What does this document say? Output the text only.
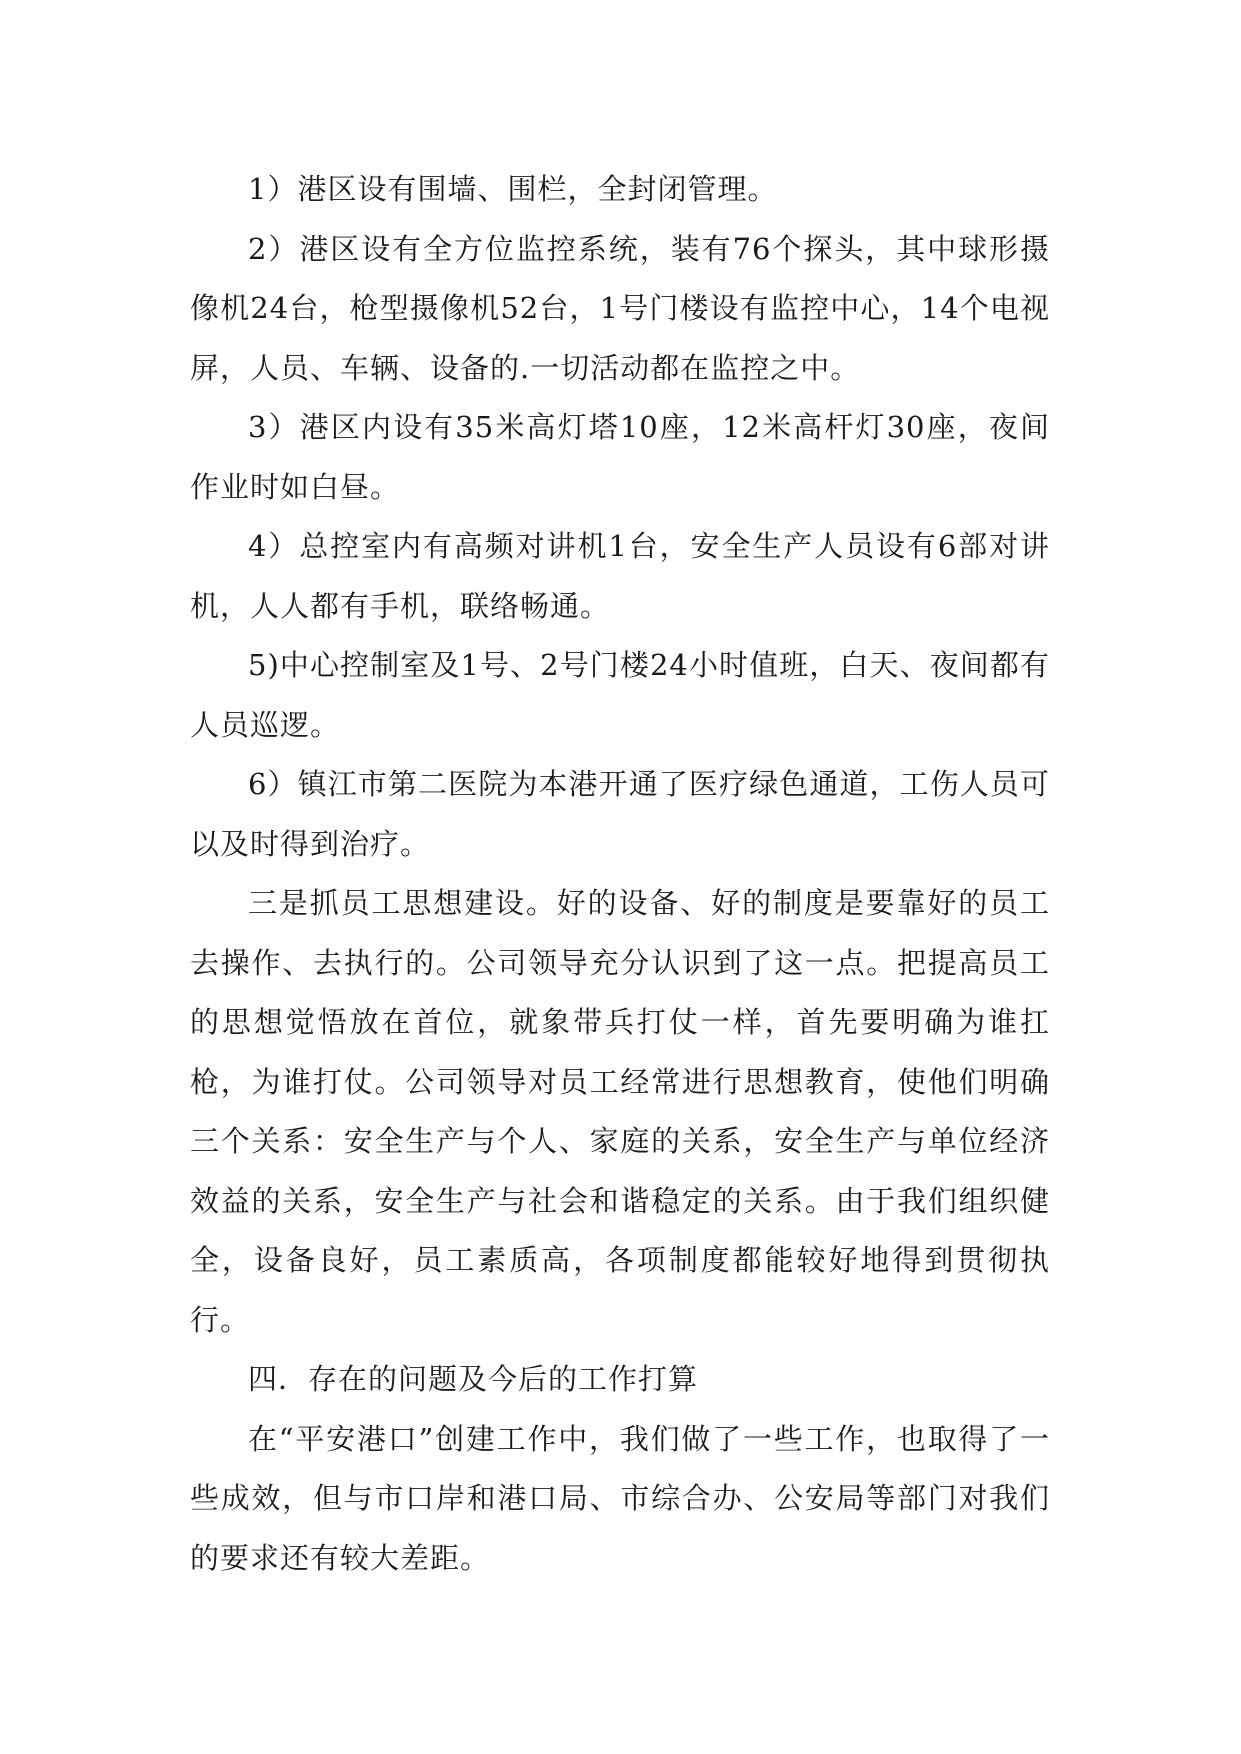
1）港区设有围墙、围栏，全封闭管理。

2）港区设有全方位监控系统，装有76个探头，其中球形摄像机24台，枪型摄像机52台，1号门楼设有监控中心，14个电视屏，人员、车辆、设备的.一切活动都在监控之中。

3）港区内设有35米高灯塔10座，12米高杆灯30座，夜间作业时如白昼。

4）总控室内有高频对讲机1台，安全生产人员设有6部对讲机，人人都有手机，联络畅通。

5)中心控制室及1号、2号门楼24小时值班，白天、夜间都有人员巡逻。

6）镇江市第二医院为本港开通了医疗绿色通道，工伤人员可以及时得到治疗。

三是抓员工思想建设。好的设备、好的制度是要靠好的员工去操作、去执行的。公司领导充分认识到了这一点。把提高员工的思想觉悟放在首位，就象带兵打仗一样，首先要明确为谁扛枪，为谁打仗。公司领导对员工经常进行思想教育，使他们明确三个关系：安全生产与个人、家庭的关系，安全生产与单位经济效益的关系，安全生产与社会和谐稳定的关系。由于我们组织健全，设备良好，员工素质高，各项制度都能较好地得到贯彻执行。

四．存在的问题及今后的工作打算

在“平安港口”创建工作中，我们做了一些工作，也取得了一些成效，但与市口岸和港口局、市综合办、公安局等部门对我们的要求还有较大差距。
